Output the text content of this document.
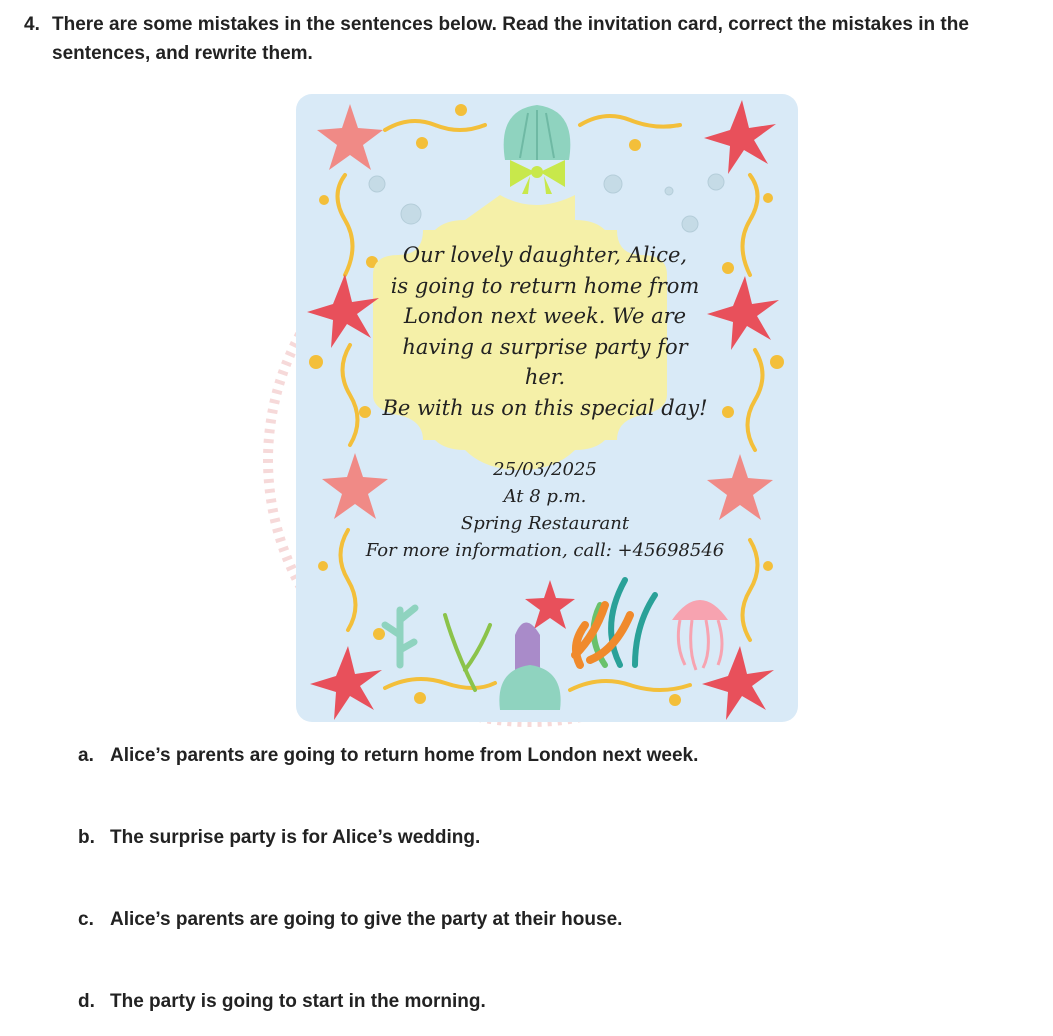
4. There are some mistakes in the sentences below. Read the invitation card, correct the mistakes in the sentences, and rewrite them.
Our lovely daughter, Alice,
is going to return home from
London next week. We are
having a surprise party for her.
Be with us on this special day!
25/03/2025
At 8 p.m.
Spring Restaurant
For more information, call: +45698546
a. Alice’s parents are going to return home from London next week.
b. The surprise party is for Alice’s wedding.
c. Alice’s parents are going to give the party at their house.
d. The party is going to start in the morning.
